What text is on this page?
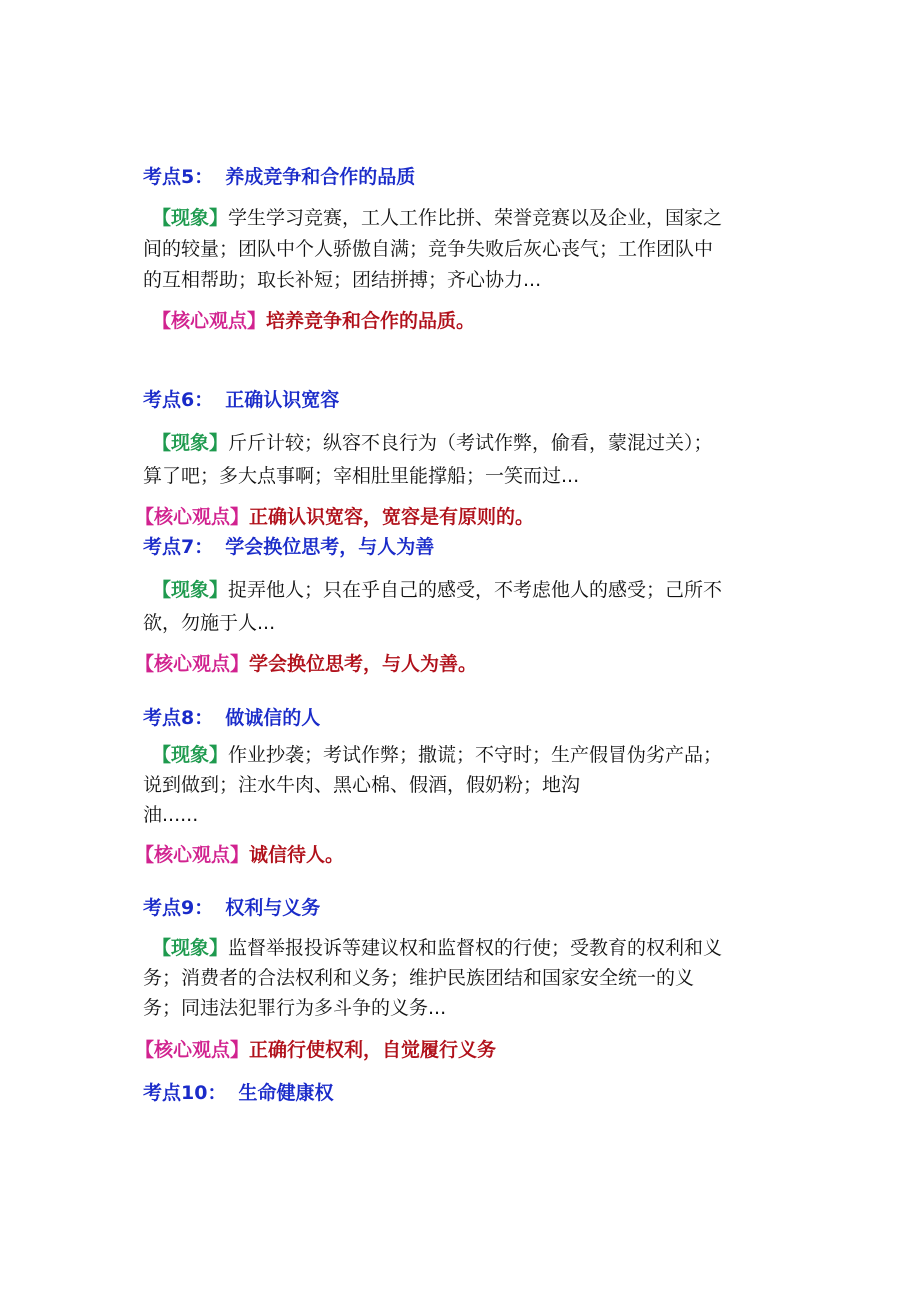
考点5： 养成竞争和合作的品质
【现象】学生学习竞赛，工人工作比拼、荣誉竞赛以及企业，国家之
间的较量；团队中个人骄傲自满；竞争失败后灰心丧气；工作团队中
的互相帮助；取长补短；团结拼搏；齐心协力...
【核心观点】培养竞争和合作的品质。
考点6： 正确认识宽容
【现象】斤斤计较；纵容不良行为（考试作弊，偷看，蒙混过关）；
算了吧；多大点事啊；宰相肚里能撑船；一笑而过...
【核心观点】正确认识宽容，宽容是有原则的。
考点7： 学会换位思考，与人为善
【现象】捉弄他人；只在乎自己的感受，不考虑他人的感受；己所不
欲，勿施于人...
【核心观点】学会换位思考，与人为善。
考点8： 做诚信的人
【现象】作业抄袭；考试作弊；撒谎；不守时；生产假冒伪劣产品；
说到做到；注水牛肉、黑心棉、假酒，假奶粉；地沟
油......
【核心观点】诚信待人。
考点9： 权利与义务
【现象】监督举报投诉等建议权和监督权的行使；受教育的权利和义
务；消费者的合法权利和义务；维护民族团结和国家安全统一的义
务；同违法犯罪行为多斗争的义务...
【核心观点】正确行使权利，自觉履行义务
考点10： 生命健康权
